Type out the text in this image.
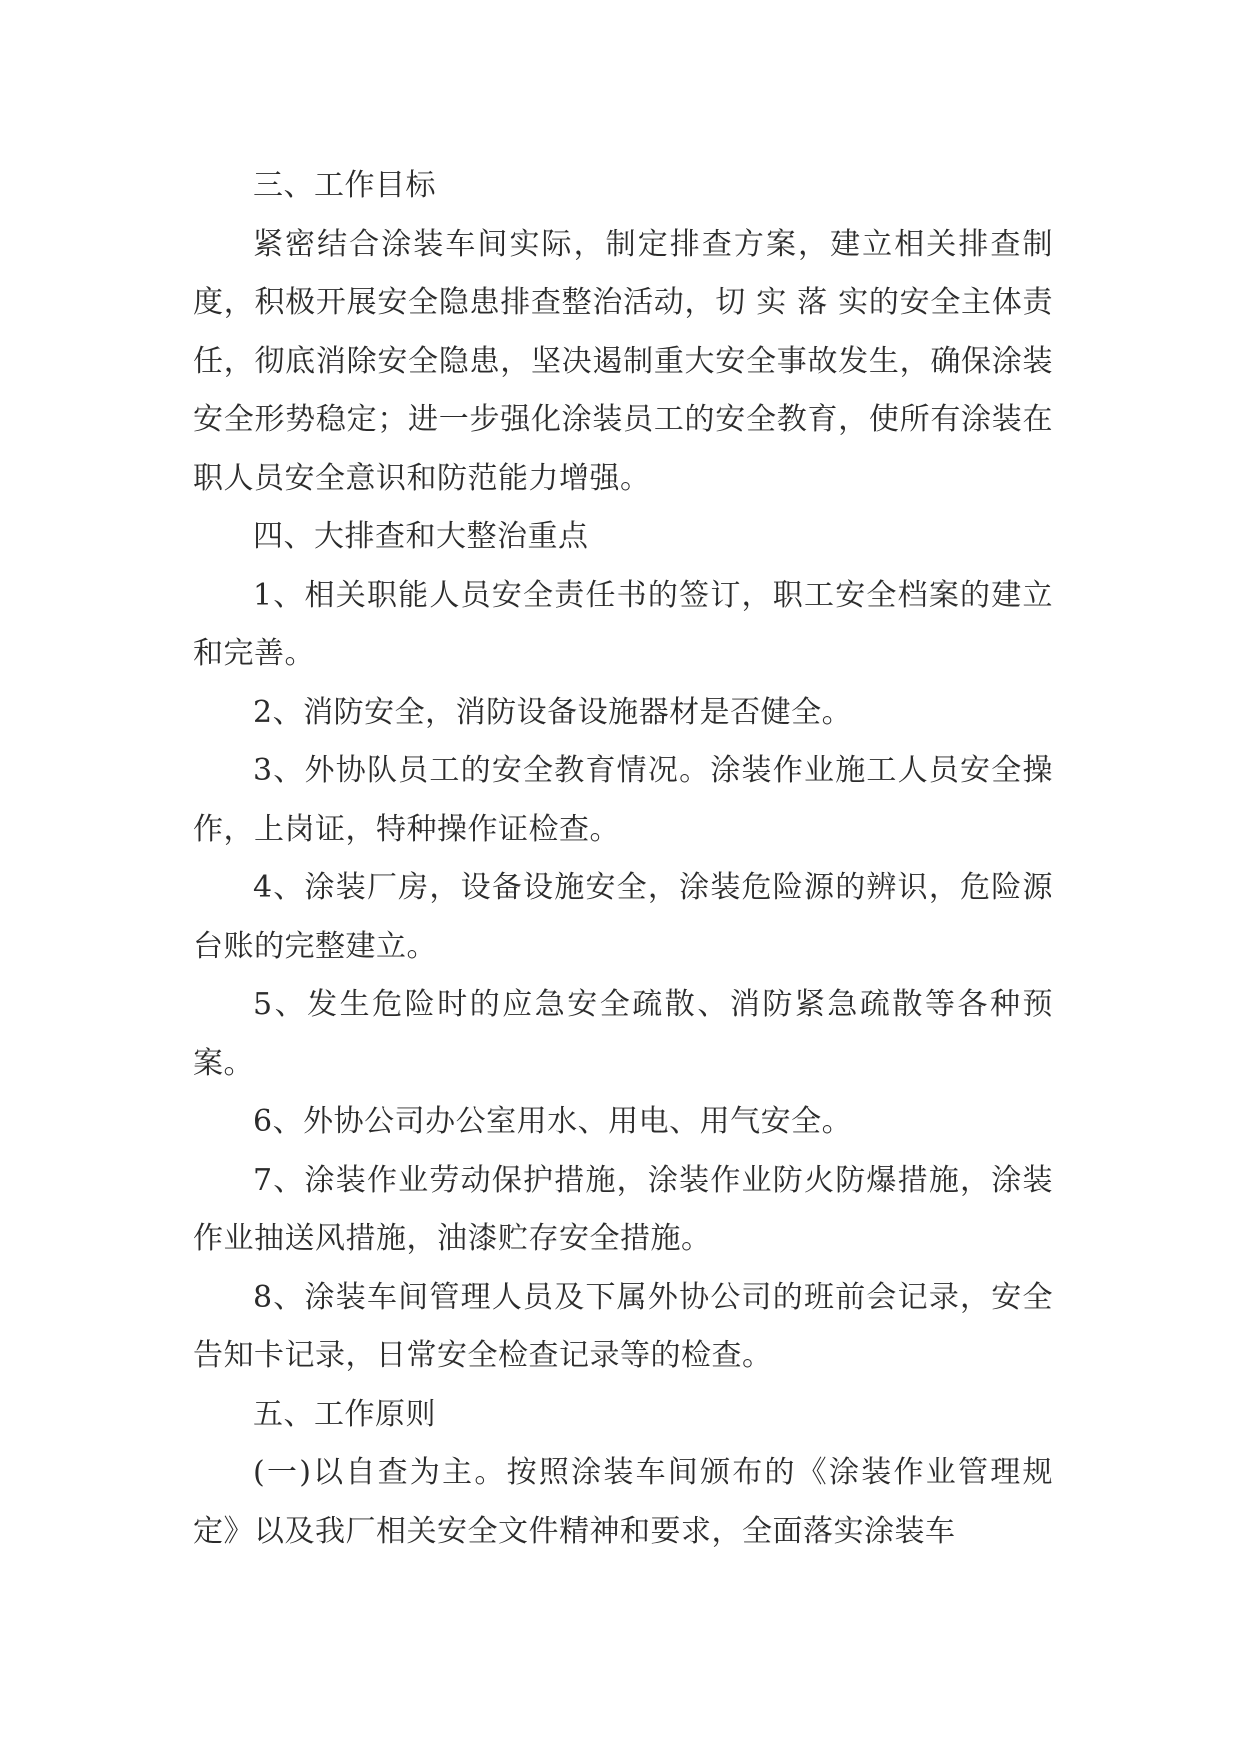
三、工作目标

紧密结合涂装车间实际，制定排查方案，建立相关排查制度，积极开展安全隐患排查整治活动，切 实 落 实的安全主体责任，彻底消除安全隐患，坚决遏制重大安全事故发生，确保涂装安全形势稳定；进一步强化涂装员工的安全教育，使所有涂装在职人员安全意识和防范能力增强。

四、大排查和大整治重点

1、相关职能人员安全责任书的签订，职工安全档案的建立和完善。

2、消防安全，消防设备设施器材是否健全。

3、外协队员工的安全教育情况。涂装作业施工人员安全操作，上岗证，特种操作证检查。

4、涂装厂房，设备设施安全，涂装危险源的辨识，危险源台账的完整建立。

5、发生危险时的应急安全疏散、消防紧急疏散等各种预案。

6、外协公司办公室用水、用电、用气安全。

7、涂装作业劳动保护措施，涂装作业防火防爆措施，涂装作业抽送风措施，油漆贮存安全措施。

8、涂装车间管理人员及下属外协公司的班前会记录，安全告知卡记录，日常安全检查记录等的检查。

五、工作原则

(一)以自查为主。按照涂装车间颁布的《涂装作业管理规定》以及我厂相关安全文件精神和要求，全面落实涂装车
